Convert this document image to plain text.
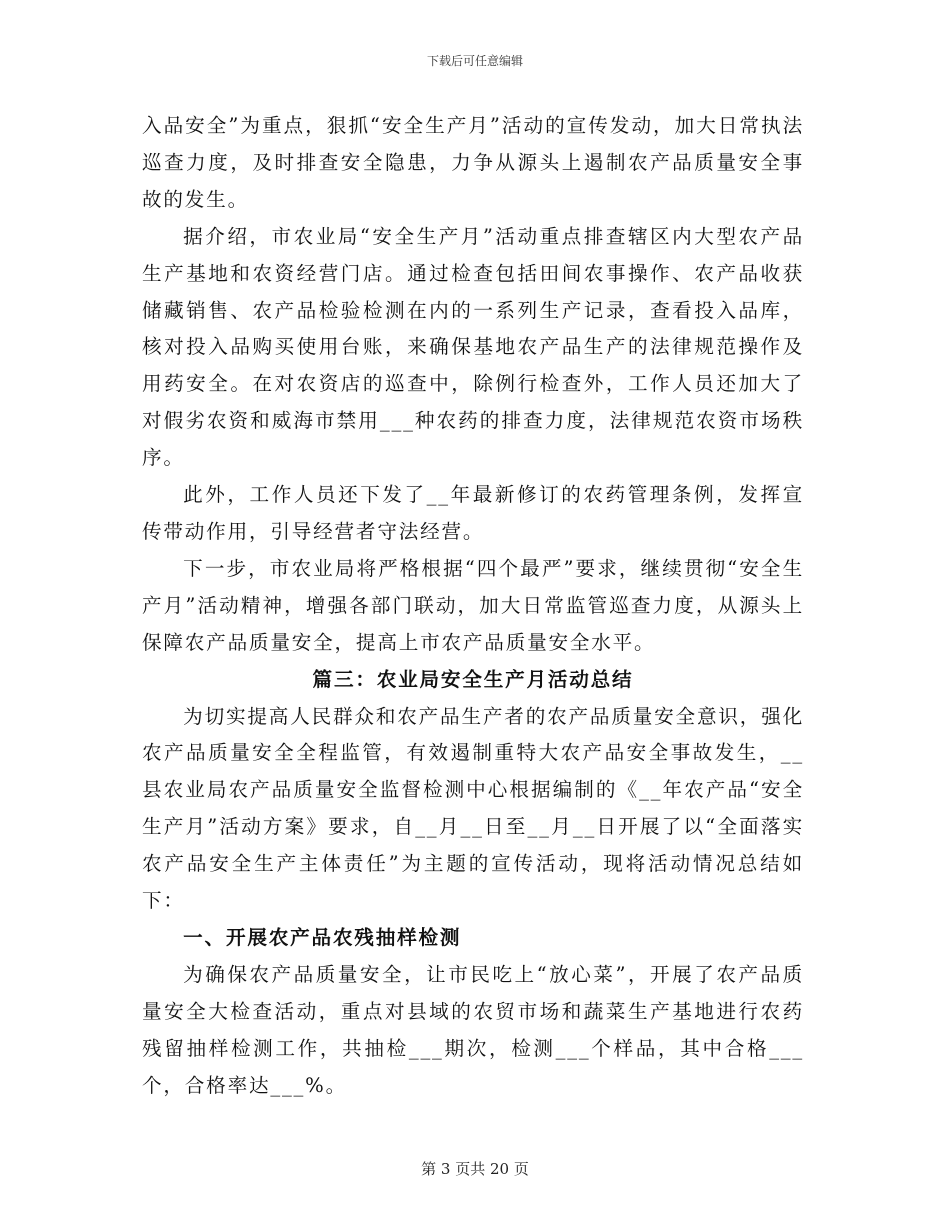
下载后可任意编辑

入品安全”为重点，狠抓“安全生产月”活动的宣传发动，加大日常执法巡查力度，及时排查安全隐患，力争从源头上遏制农产品质量安全事故的发生。

据介绍，市农业局“安全生产月”活动重点排查辖区内大型农产品生产基地和农资经营门店。通过检查包括田间农事操作、农产品收获储藏销售、农产品检验检测在内的一系列生产记录，查看投入品库，核对投入品购买使用台账，来确保基地农产品生产的法律规范操作及用药安全。在对农资店的巡查中，除例行检查外，工作人员还加大了对假劣农资和威海市禁用___种农药的排查力度，法律规范农资市场秩序。

此外，工作人员还下发了__年最新修订的农药管理条例，发挥宣传带动作用，引导经营者守法经营。

下一步，市农业局将严格根据“四个最严”要求，继续贯彻“安全生产月”活动精神，增强各部门联动，加大日常监管巡查力度，从源头上保障农产品质量安全，提高上市农产品质量安全水平。

篇三：农业局安全生产月活动总结

为切实提高人民群众和农产品生产者的农产品质量安全意识，强化农产品质量安全全程监管，有效遏制重特大农产品安全事故发生，__县农业局农产品质量安全监督检测中心根据编制的《__年农产品“安全生产月”活动方案》要求，自__月__日至__月__日开展了以“全面落实农产品安全生产主体责任”为主题的宣传活动，现将活动情况总结如下：

一、开展农产品农残抽样检测

为确保农产品质量安全，让市民吃上“放心菜”，开展了农产品质量安全大检查活动，重点对县域的农贸市场和蔬菜生产基地进行农药残留抽样检测工作，共抽检___期次，检测___个样品，其中合格___个，合格率达___%。

第 3 页共 20 页
